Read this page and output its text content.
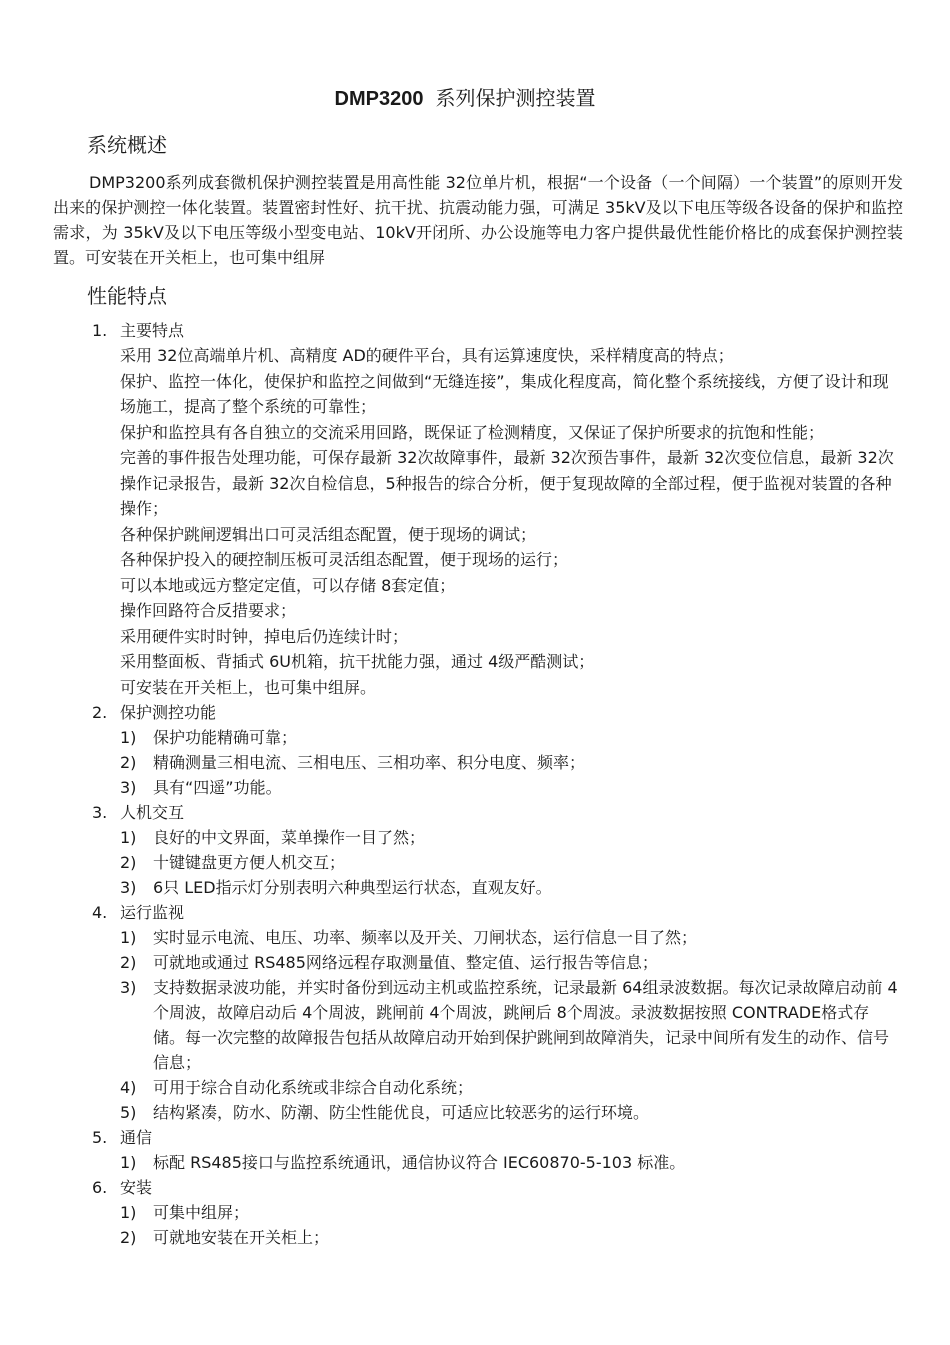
DMP3200 系列保护测控装置
系统概述
DMP3200系列成套微机保护测控装置是用高性能 32位单片机，根据“一个设备（一个间隔）一个装置”的原则开发出来的保护测控一体化装置。装置密封性好、抗干扰、抗震动能力强，可满足 35kV及以下电压等级各设备的保护和监控需求，为 35kV及以下电压等级小型变电站、10kV开闭所、办公设施等电力客户提供最优性能价格比的成套保护测控装置。可安装在开关柜上，也可集中组屏
性能特点
1. 主要特点
采用 32位高端单片机、高精度 AD的硬件平台，具有运算速度快，采样精度高的特点；
保护、监控一体化，使保护和监控之间做到“无缝连接”，集成化程度高，简化整个系统接线，方便了设计和现场施工，提高了整个系统的可靠性；
保护和监控具有各自独立的交流采用回路，既保证了检测精度，又保证了保护所要求的抗饱和性能；
完善的事件报告处理功能，可保存最新 32次故障事件，最新 32次预告事件，最新 32次变位信息，最新 32次操作记录报告，最新 32次自检信息，5种报告的综合分析，便于复现故障的全部过程，便于监视对装置的各种操作；
各种保护跳闸逻辑出口可灵活组态配置，便于现场的调试；
各种保护投入的硬控制压板可灵活组态配置，便于现场的运行；
可以本地或远方整定定值，可以存储 8套定值；
操作回路符合反措要求；
采用硬件实时时钟，掉电后仍连续计时；
采用整面板、背插式 6U机箱，抗干扰能力强，通过 4级严酷测试；
可安装在开关柜上，也可集中组屏。
2. 保护测控功能
1) 保护功能精确可靠；
2) 精确测量三相电流、三相电压、三相功率、积分电度、频率；
3) 具有“四遥”功能。
3. 人机交互
1) 良好的中文界面，菜单操作一目了然；
2) 十键键盘更方便人机交互；
3) 6只 LED指示灯分别表明六种典型运行状态，直观友好。
4. 运行监视
1) 实时显示电流、电压、功率、频率以及开关、刀闸状态，运行信息一目了然；
2) 可就地或通过 RS485网络远程存取测量值、整定值、运行报告等信息；
3) 支持数据录波功能，并实时备份到远动主机或监控系统，记录最新 64组录波数据。每次记录故障启动前 4个周波，故障启动后 4个周波，跳闸前 4个周波，跳闸后 8个周波。录波数据按照 CONTRADE格式存储。每一次完整的故障报告包括从故障启动开始到保护跳闸到故障消失，记录中间所有发生的动作、信号信息；
4) 可用于综合自动化系统或非综合自动化系统；
5) 结构紧凑，防水、防潮、防尘性能优良，可适应比较恶劣的运行环境。
5. 通信
1) 标配 RS485接口与监控系统通讯，通信协议符合 IEC60870-5-103 标准。
6. 安装
1) 可集中组屏；
2) 可就地安装在开关柜上；
